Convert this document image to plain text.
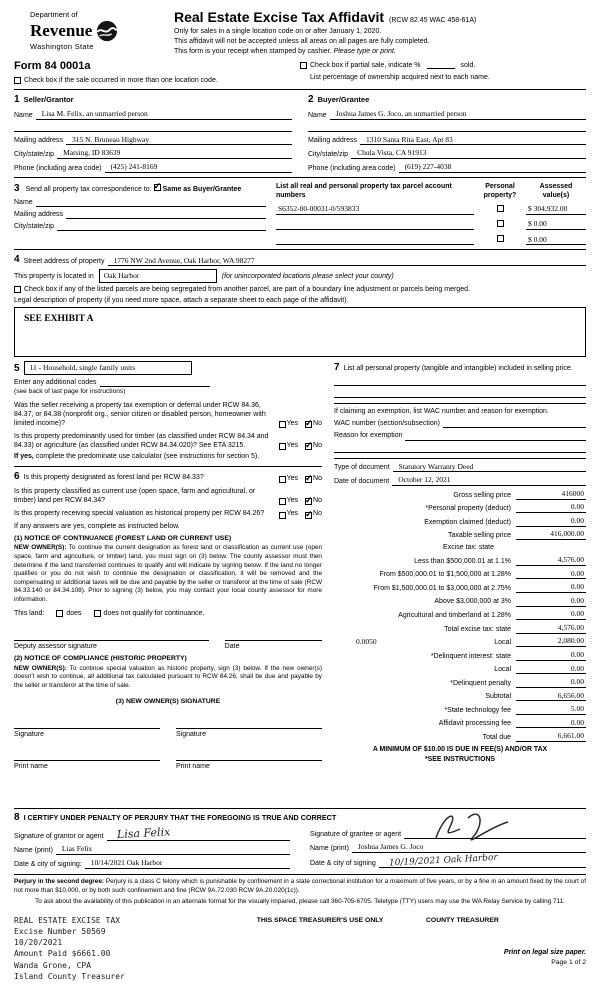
Department of
Revenue
Washington State
Real Estate Excise Tax Affidavit (RCW 82.45 WAC 458-61A)
Only for sales in a single location code on or after January 1, 2020.
This affidavit will not be accepted unless all areas on all pages are fully completed.
This form is your receipt when stamped by cashier. Please type or print.
Form 84 0001a
Check box if the sale occurred in more than one location code.
Check box if partial sale, indicate %	sold.
List percentage of ownership acquired next to each name.
1 Seller/Grantor
Name	Lisa M. Felix, an unmarried person
Mailing address	315 N. Bruneau Highway
City/state/zip	Marsing, ID 83639
Phone (including area code)	(425) 241-8169
2 Buyer/Grantee
Name	Joshua James G. Joco, an unmarried person
Mailing address	1310 Santa Rita East, Apt 83
City/state/zip	Chula Vista, CA 91913
Phone (including area code)	(619) 227-4038
3 Send all property tax correspondence to: ✓ Same as Buyer/Grantee
Name
Mailing address
City/state/zip
List all real and personal property tax parcel account numbers
Personal property?
Assessed value(s)
S6352-00-00031-0/593833	$ 304,932.00
$ 0.00
$ 0.00
4 Street address of property	1776 NW 2nd Avenue, Oak Harbor, WA 98277
This property is located in	Oak Harbor	(for unincorporated locations please select your county)
Check box if any of the listed parcels are being segregated from another parcel, are part of a boundary line adjustment or parcels being merged.
Legal description of property (if you need more space, attach a separate sheet to each page of the affidavit).
SEE EXHIBIT A
5	11 - Household, single family units
Enter any additional codes
(see back of last page for instructions)
Was the seller receiving a property tax exemption or deferral under RCW 84.36, 84.37, or 84.38 (nonprofit org., senior citizen or disabled person, homeowner with limited income)?	Yes ✓ No
Is this property predominantly used for timber (as classified under RCW 84.34 and 84.33) or agriculture (as classified under RCW 84.34.020)? See ETA 3215.	Yes ✓ No
If yes, complete the predominate use calculator (see instructions for section 5).
6 Is this property designated as forest land per RCW 84.33?	Yes ✓ No
Is this property classified as current use (open space, farm and agricultural, or timber) land per RCW 84.34?	Yes ✓ No
Is this property receiving special valuation as historical property per RCW 84.26?	Yes ✓ No
If any answers are yes, complete as instructed below.
(1) NOTICE OF CONTINUANCE (FOREST LAND OR CURRENT USE)
NEW OWNER(S): To continue the current designation as forest land or classification as current use (open space, farm and agriculture, or timber) land, you must sign on (3) below. The county assessor must then determine if the land transferred continues to qualify and will indicate by signing below. If the land no longer qualifies or you do not wish to continue the designation or classification, it will be removed and the compensating or additional taxes will be due and payable by the seller or transferor at the time of sale (RCW 84.33.140 or 84.34.108). Prior to signing (3) below, you may contact your local county assessor for more information.
This land:	does	does not qualify for continuance.
Deputy assessor signature	Date
(2) NOTICE OF COMPLIANCE (HISTORIC PROPERTY)
NEW OWNER(S): To continue special valuation as historic property, sign (3) below. If the new owner(s) doesn't wish to continue, all additional tax calculated pursuant to RCW 84.26, shall be due and payable by the seller or transferor at the time of sale.
(3) NEW OWNER(S) SIGNATURE
Signature	Signature
Print name	Print name
7 List all personal property (tangible and intangible) included in selling price.
If claiming an exemption, list WAC number and reason for exemption.
WAC number (section/subsection)
Reason for exemption
Type of document	Statutory Warranty Deed
Date of document	October 12, 2021
Gross selling price	416000
*Personal property (deduct)	0.00
Exemption claimed (deduct)	0.00
Taxable selling price	416,000.00
Excise tax: state
Less than $500,000.01 at 1.1%	4,576.00
From $500,000.01 to $1,500,000 at 1.28%	0.00
From $1,500,000.01 to $3,000,000 at 2.75%	0.00
Above $3,000,000 at 3%	0.00
Agricultural and timberland at 1.28%	0.00
Total excise tax: state	4,576.00
0.0050	Local	2,080.00
*Delinquent interest: state	0.00
Local	0.00
*Delinquent penalty	0.00
Subtotal	6,656.00
*State technology fee	5.00
Affidavit processing fee	0.00
Total due	6,661.00
A MINIMUM OF $10.00 IS DUE IN FEE(S) AND/OR TAX
*SEE INSTRUCTIONS
8 I CERTIFY UNDER PENALTY OF PERJURY THAT THE FOREGOING IS TRUE AND CORRECT
Signature of grantor or agent	Lisa Felix
Name (print)	Lias Felix
Date & city of signing:	10/14/2021 Oak Harbor
Signature of grantee or agent
Name (print)	Joshua James G. Joco
Date & city of signing	10/19/2021 Oak Harbor
Perjury in the second degree: Perjury is a class C felony which is punishable by confinement in a state correctional institution for a maximum of five years, or by a fine in an amount fixed by the court of not more than $10,000, or by both such confinement and fine (RCW 9A.72.030 RCW 9A.20.020(1c)).
To ask about the availability of this publication in an alternate format for the visually impaired, please call 360-705-6705. Teletype (TTY) users may use the WA Relay Service by calling 711.
REAL ESTATE EXCISE TAX
Excise Number 50569
10/20/2021
Amount Paid $6661.00
Wanda Grone, CPA
Island County Treasurer
THIS SPACE TREASURER'S USE ONLY	COUNTY TREASURER
Print on legal size paper.
Page 1 of 2
